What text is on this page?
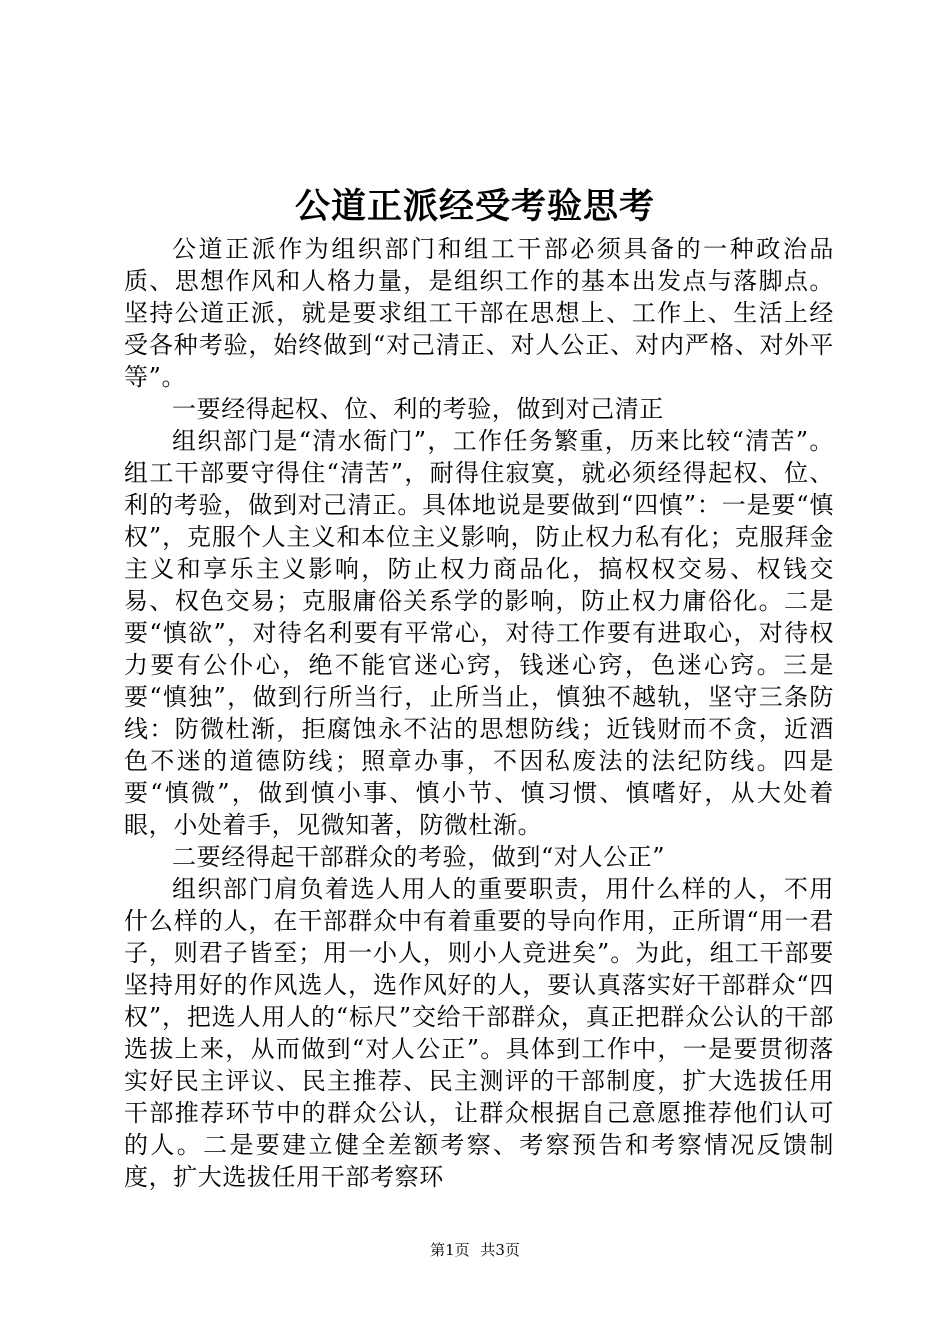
公道正派经受考验思考

公道正派作为组织部门和组工干部必须具备的一种政治品质、思想作风和人格力量，是组织工作的基本出发点与落脚点。坚持公道正派，就是要求组工干部在思想上、工作上、生活上经受各种考验，始终做到“对己清正、对人公正、对内严格、对外平等”。

一要经得起权、位、利的考验，做到对己清正

组织部门是“清水衙门”，工作任务繁重，历来比较“清苦”。组工干部要守得住“清苦”，耐得住寂寞，就必须经得起权、位、利的考验，做到对己清正。具体地说是要做到“四慎”：一是要“慎权”，克服个人主义和本位主义影响，防止权力私有化；克服拜金主义和享乐主义影响，防止权力商品化，搞权权交易、权钱交易、权色交易；克服庸俗关系学的影响，防止权力庸俗化。二是要“慎欲”，对待名利要有平常心，对待工作要有进取心，对待权力要有公仆心，绝不能官迷心窍，钱迷心窍，色迷心窍。三是要“慎独”，做到行所当行，止所当止，慎独不越轨，坚守三条防线：防微杜渐，拒腐蚀永不沾的思想防线；近钱财而不贪，近酒色不迷的道德防线；照章办事，不因私废法的法纪防线。四是要“慎微”，做到慎小事、慎小节、慎习惯、慎嗜好，从大处着眼，小处着手，见微知著，防微杜渐。

二要经得起干部群众的考验，做到“对人公正”

组织部门肩负着选人用人的重要职责，用什么样的人，不用什么样的人，在干部群众中有着重要的导向作用，正所谓“用一君子，则君子皆至；用一小人，则小人竞进矣”。为此，组工干部要坚持用好的作风选人，选作风好的人，要认真落实好干部群众“四权”，把选人用人的“标尺”交给干部群众，真正把群众公认的干部选拔上来，从而做到“对人公正”。具体到工作中，一是要贯彻落实好民主评议、民主推荐、民主测评的干部制度，扩大选拔任用干部推荐环节中的群众公认，让群众根据自己意愿推荐他们认可的人。二是要建立健全差额考察、考察预告和考察情况反馈制度，扩大选拔任用干部考察环

第1页 共3页
